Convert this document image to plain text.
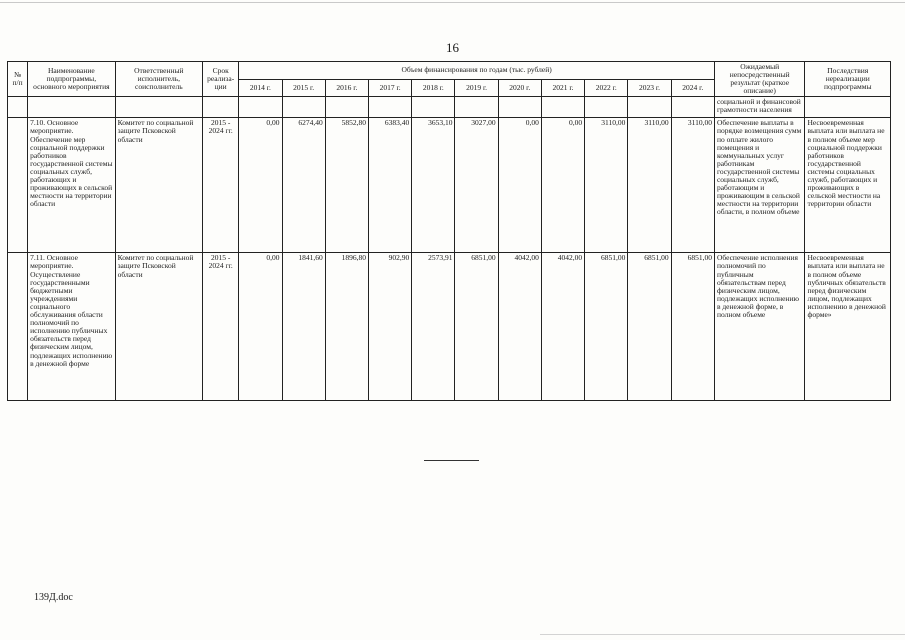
16
№ п/п	Наименование подпрограммы, основного мероприятия	Ответственный исполнитель, соисполнитель	Срок реализа-ции	Объем финансирования по годам (тыс. рублей)											Ожидаемый непосредственный результат (краткое описание)	Последствия нереализации подпрограммы
				2014 г.	2015 г.	2016 г.	2017 г.	2018 г.	2019 г.	2020 г.	2021 г.	2022 г.	2023 г.	2024 г.		
															социальной и финансовой грамотности населения	
	7.10. Основное мероприятие. Обеспечение мер социальной поддержки работников государственной системы социальных служб, работающих и проживающих в сельской местности на территории области	Комитет по социальной защите Псковской области	2015 - 2024 гг.	0,00	6274,40	5852,80	6383,40	3653,10	3027,00	0,00	0,00	3110,00	3110,00	3110,00	Обеспечение выплаты в порядке возмещения сумм по оплате жилого помещения и коммунальных услуг работникам государственной системы социальных служб, работающим и проживающим в сельской местности на территории области, в полном объеме	Несвоевременная выплата или выплата не в полном объеме мер социальной поддержки работников государственной системы социальных служб, работающих и проживающих в сельской местности на территории области
	7.11. Основное мероприятие. Осуществление государственными бюджетными учреждениями социального обслуживания области полномочий по исполнению публичных обязательств перед физическим лицом, подлежащих исполнению в денежной форме	Комитет по социальной защите Псковской области	2015 - 2024 гг.	0,00	1841,60	1896,80	902,90	2573,91	6851,00	4042,00	4042,00	6851,00	6851,00	6851,00	Обеспечение исполнения полномочий по публичным обязательствам перед физическим лицом, подлежащих исполнению в денежной форме, в полном объеме	Несвоевременная выплата или выплата не в полном объеме публичных обязательств перед физическим лицом, подлежащих исполнению в денежной форме»
139Д.doc
